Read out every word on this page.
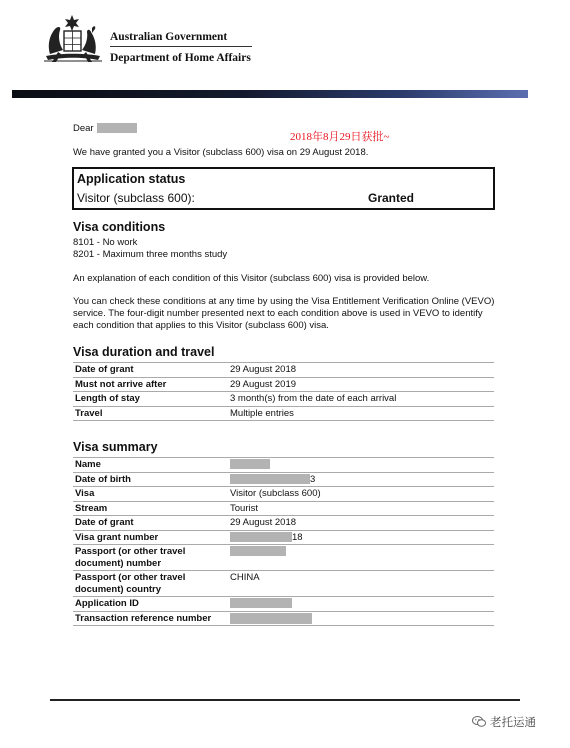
Australian Government
Department of Home Affairs
Dear
2018年8月29日获批~
We have granted you a Visitor (subclass 600) visa on 29 August 2018.
Application status
Visitor (subclass 600):	Granted
Visa conditions
8101 - No work
8201 - Maximum three months study
An explanation of each condition of this Visitor (subclass 600) visa is provided below.
You can check these conditions at any time by using the Visa Entitlement Verification Online (VEVO) service. The four-digit number presented next to each condition above is used in VEVO to identify each condition that applies to this Visitor (subclass 600) visa.
Visa duration and travel
Date of grant	29 August 2018
Must not arrive after	29 August 2019
Length of stay	3 month(s) from the date of each arrival
Travel	Multiple entries
Visa summary
Name	
Date of birth	3
Visa	Visitor (subclass 600)
Stream	Tourist
Date of grant	29 August 2018
Visa grant number	18
Passport (or other travel document) number	
Passport (or other travel document) country	CHINA
Application ID	
Transaction reference number	
老托运通
